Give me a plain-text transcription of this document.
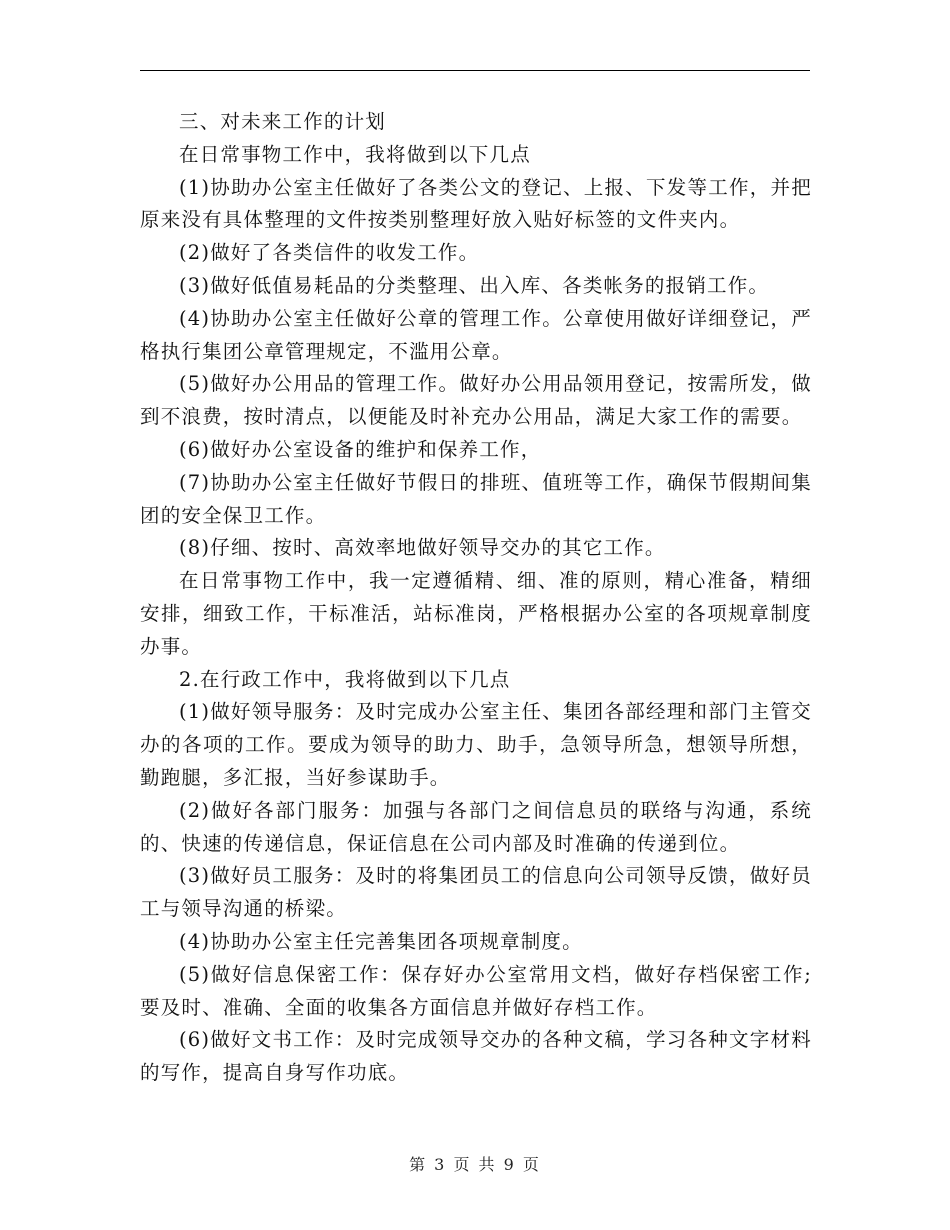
三、对未来工作的计划

在日常事物工作中，我将做到以下几点

(1)协助办公室主任做好了各类公文的登记、上报、下发等工作，并把原来没有具体整理的文件按类别整理好放入贴好标签的文件夹内。

(2)做好了各类信件的收发工作。

(3)做好低值易耗品的分类整理、出入库、各类帐务的报销工作。

(4)协助办公室主任做好公章的管理工作。公章使用做好详细登记，严格执行集团公章管理规定，不滥用公章。

(5)做好办公用品的管理工作。做好办公用品领用登记，按需所发，做到不浪费，按时清点，以便能及时补充办公用品，满足大家工作的需要。

(6)做好办公室设备的维护和保养工作，

(7)协助办公室主任做好节假日的排班、值班等工作，确保节假期间集团的安全保卫工作。

(8)仔细、按时、高效率地做好领导交办的其它工作。

在日常事物工作中，我一定遵循精、细、准的原则，精心准备，精细安排，细致工作，干标准活，站标准岗，严格根据办公室的各项规章制度办事。

2.在行政工作中，我将做到以下几点

(1)做好领导服务：及时完成办公室主任、集团各部经理和部门主管交办的各项的工作。要成为领导的助力、助手，急领导所急，想领导所想，勤跑腿，多汇报，当好参谋助手。

(2)做好各部门服务：加强与各部门之间信息员的联络与沟通，系统的、快速的传递信息，保证信息在公司内部及时准确的传递到位。

(3)做好员工服务：及时的将集团员工的信息向公司领导反馈，做好员工与领导沟通的桥梁。

(4)协助办公室主任完善集团各项规章制度。

(5)做好信息保密工作：保存好办公室常用文档，做好存档保密工作;要及时、准确、全面的收集各方面信息并做好存档工作。

(6)做好文书工作：及时完成领导交办的各种文稿，学习各种文字材料的写作，提高自身写作功底。

第 3 页 共 9 页
